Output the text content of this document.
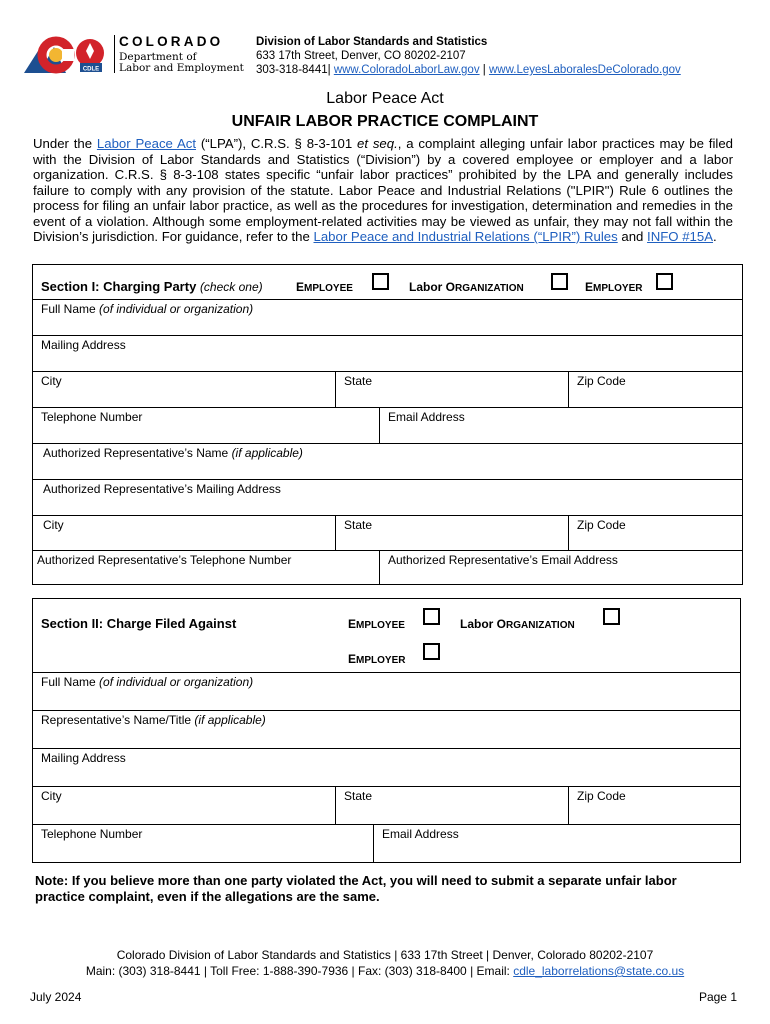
CDLE
COLORADO
Department of
Labor and Employment
Division of Labor Standards and Statistics
633 17th Street, Denver, CO 80202-2107
303-318-8441| www.ColoradoLaborLaw.gov | www.LeyesLaboralesDeColorado.gov
Labor Peace Act
UNFAIR LABOR PRACTICE COMPLAINT
Under the Labor Peace Act (“LPA”), C.R.S. § 8-3-101 et seq., a complaint alleging unfair labor practices may be filed with the Division of Labor Standards and Statistics (“Division”) by a covered employee or employer and a labor organization. C.R.S. § 8-3-108 states specific “unfair labor practices” prohibited by the LPA and generally includes failure to comply with any provision of the statute. Labor Peace and Industrial Relations ("LPIR") Rule 6 outlines the process for filing an unfair labor practice, as well as the procedures for investigation, determination and remedies in the event of a violation. Although some employment-related activities may be viewed as unfair, they may not fall within the Division’s jurisdiction. For guidance, refer to the Labor Peace and Industrial Relations (“LPIR”) Rules and INFO #15A.
Section I: Charging Party (check one)	EMPLOYEE	Labor ORGANIZATION	EMPLOYER
Full Name (of individual or organization)
Mailing Address
City	State	Zip Code
Telephone Number	Email Address
Authorized Representative’s Name (if applicable)
Authorized Representative’s Mailing Address
City	State	Zip Code
Authorized Representative’s Telephone Number	Authorized Representative’s Email Address
Section II: Charge Filed Against	EMPLOYEE	Labor ORGANIZATION
EMPLOYER
Full Name (of individual or organization)
Representative’s Name/Title (if applicable)
Mailing Address
City	State	Zip Code
Telephone Number	Email Address
Note: If you believe more than one party violated the Act, you will need to submit a separate unfair labor practice complaint, even if the allegations are the same.
Colorado Division of Labor Standards and Statistics | 633 17th Street | Denver, Colorado 80202-2107
Main: (303) 318-8441 | Toll Free: 1-888-390-7936 | Fax: (303) 318-8400 | Email: cdle_laborrelations@state.co.us
July 2024	Page 1
